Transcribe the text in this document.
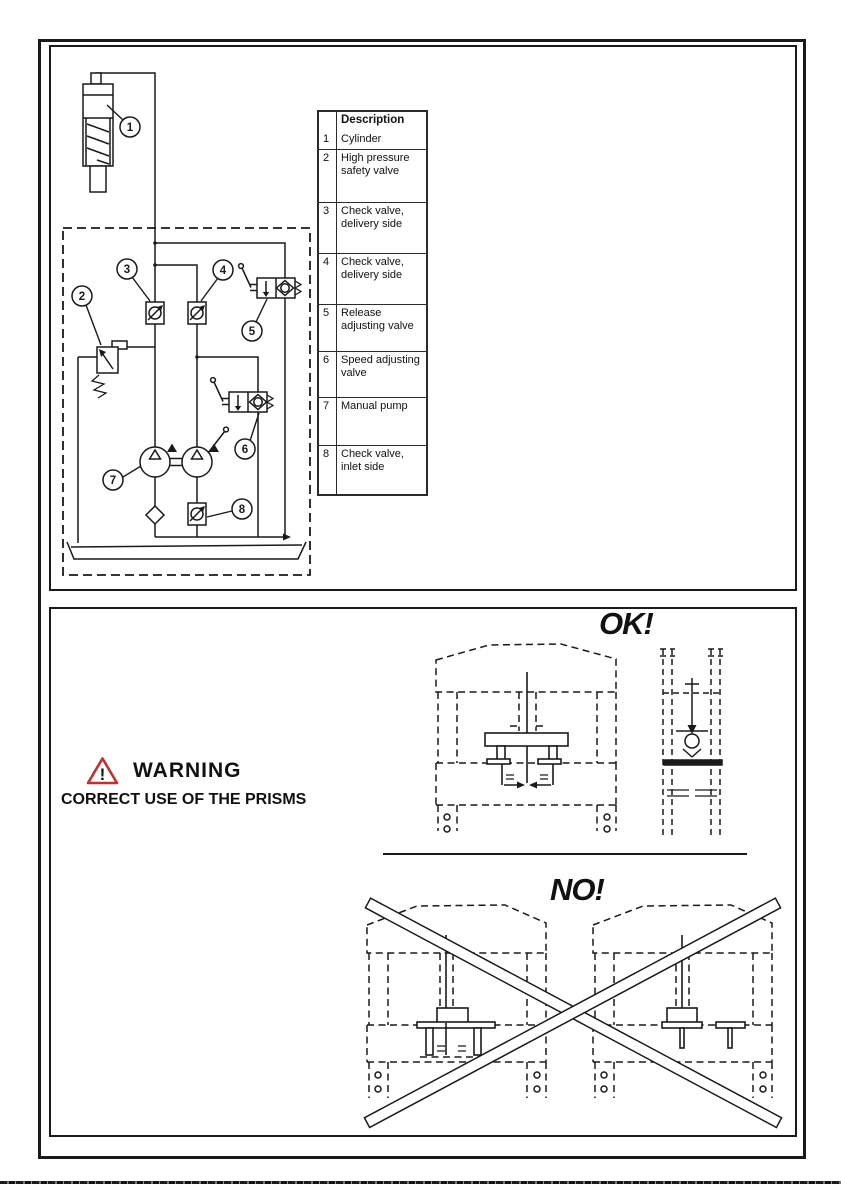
1
2
3	4
5
6
7
8
Description
1	Cylinder
2	High pressure safety valve
3	Check valve, delivery side
4	Check valve, delivery side
5	Release adjusting valve
6	Speed adjusting valve
7	Manual pump
8	Check valve, inlet side
OK!
NO!
! WARNING
CORRECT USE OF THE PRISMS
